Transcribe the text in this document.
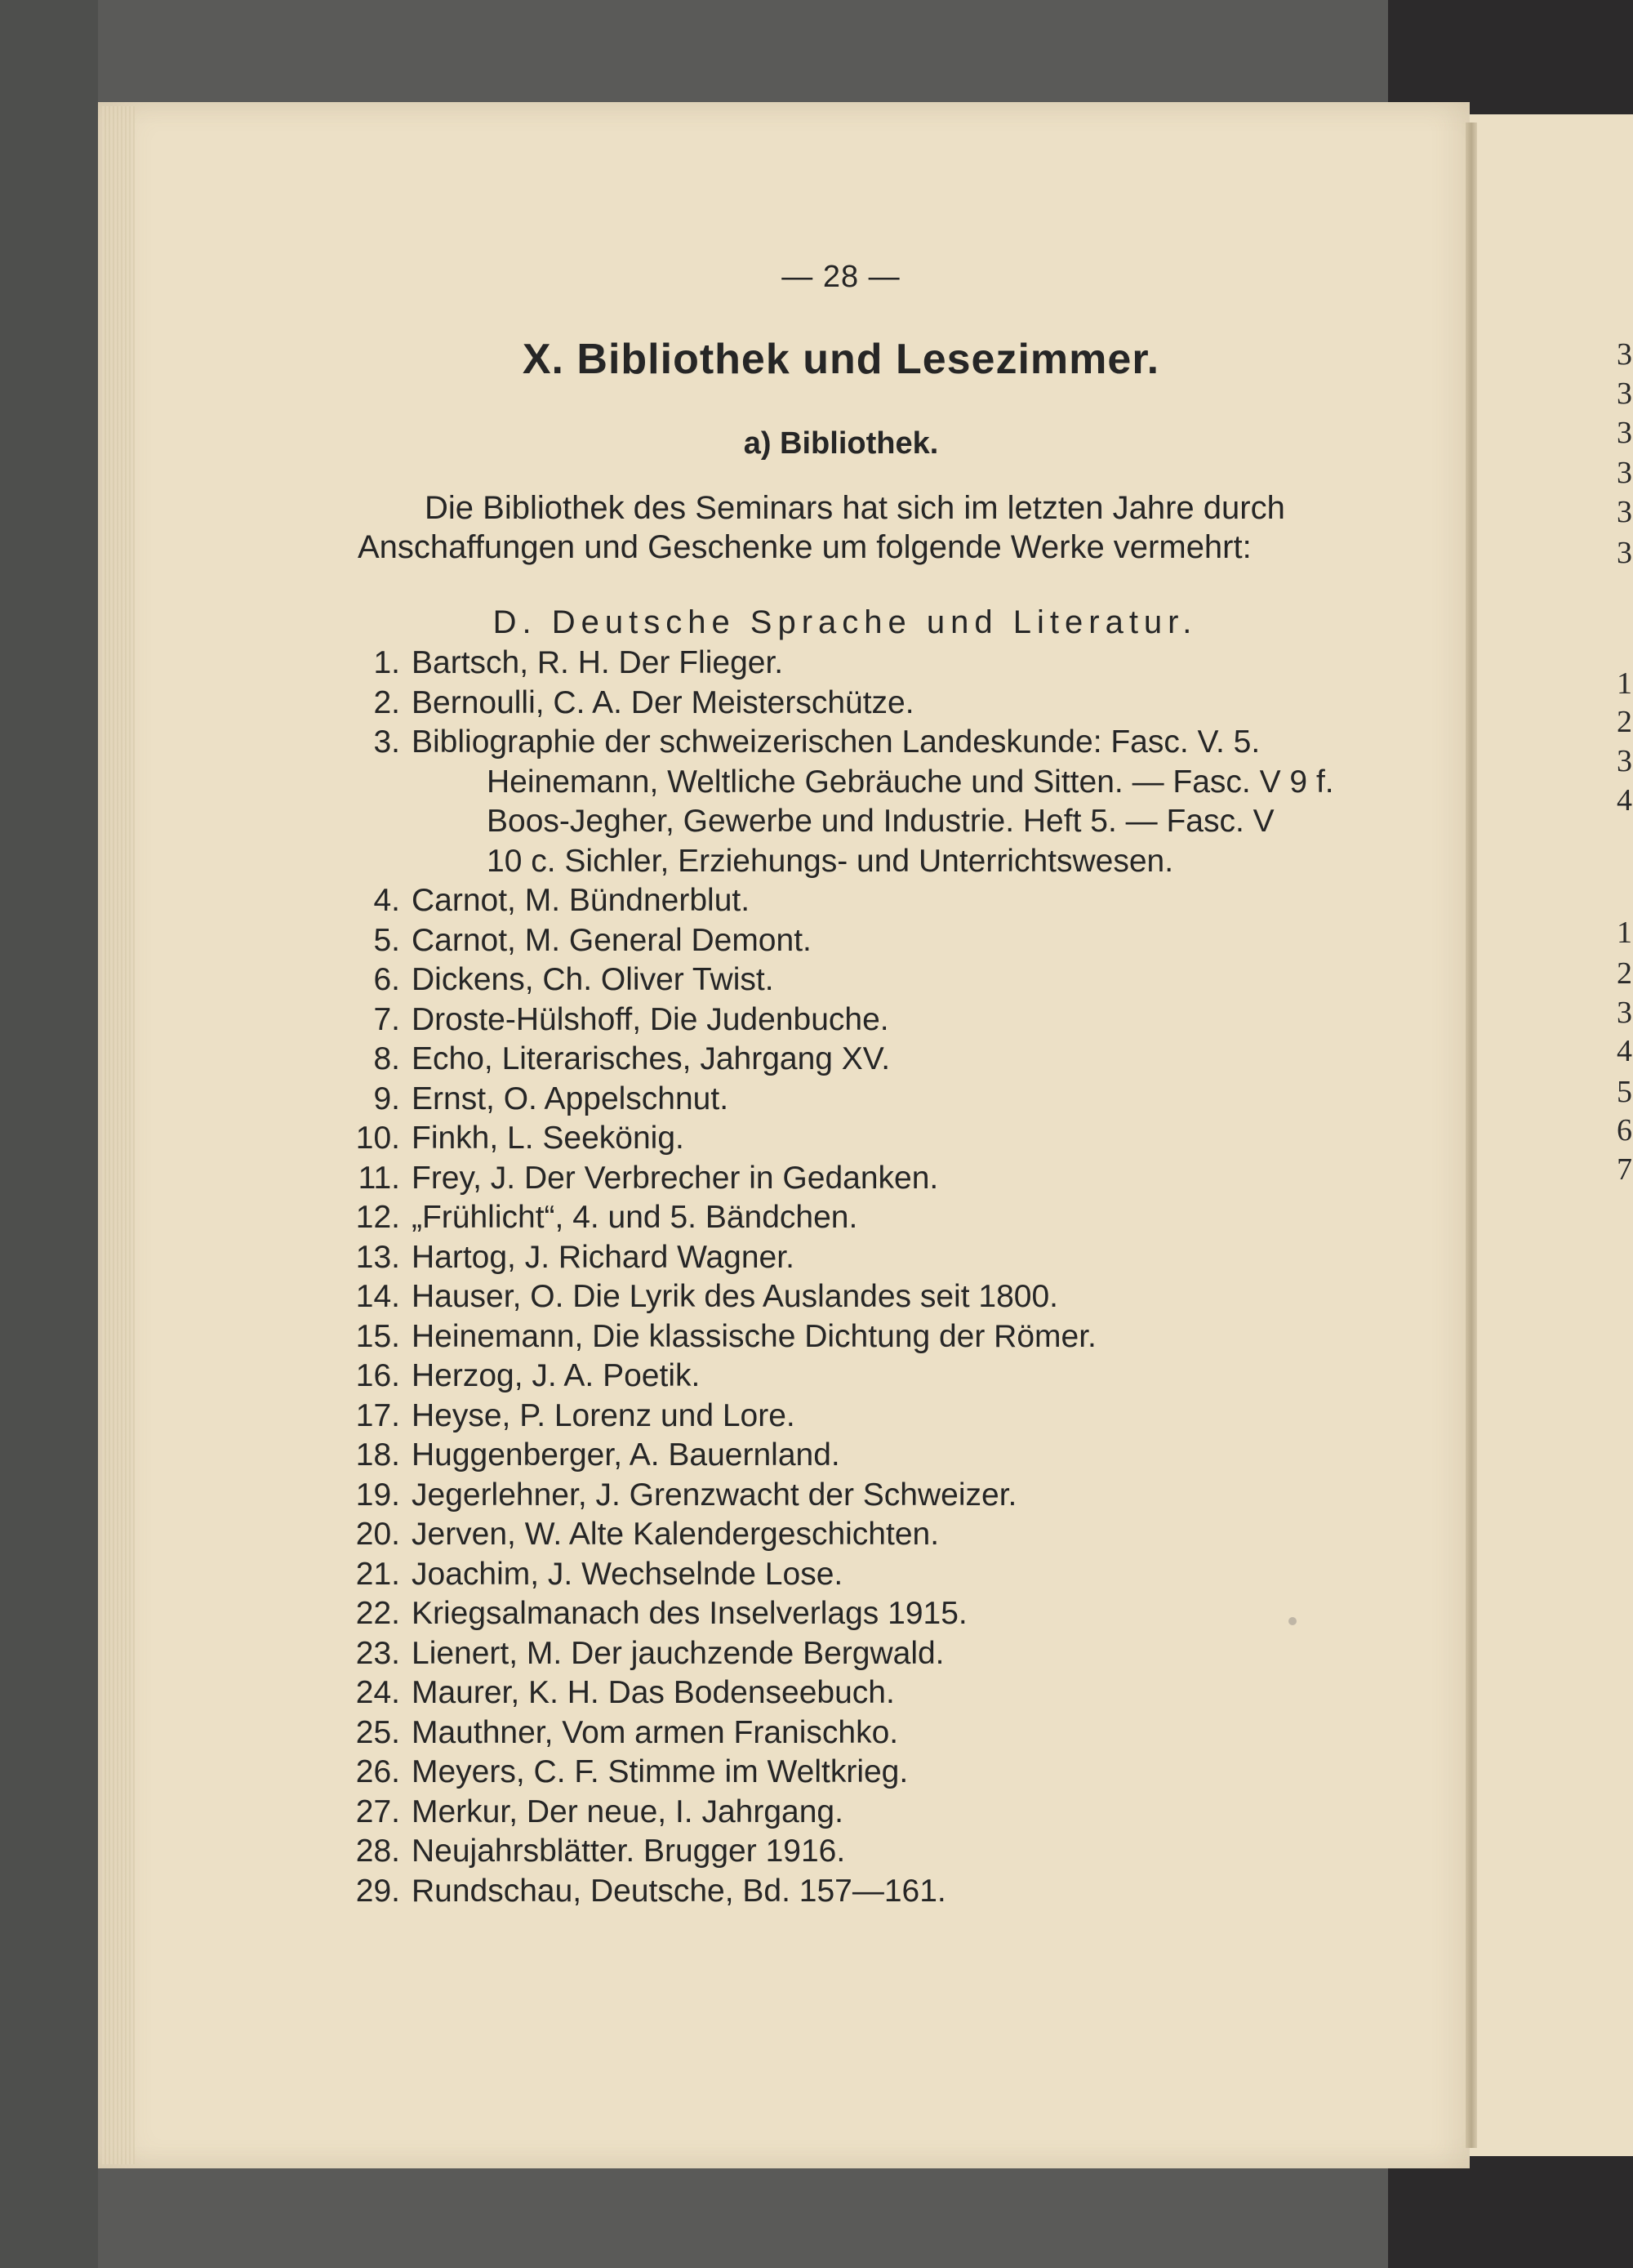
3
3
3
3
3
3
1
2
3
4
1
2
3
4
5
6
7
— 28 —
X. Bibliothek und Lesezimmer.
a) Bibliothek.
Die Bibliothek des Seminars hat sich im letzten Jahre durch
Anschaffungen und Geschenke um folgende Werke vermehrt:
D. Deutsche Sprache und Literatur.
1. Bartsch, R. H. Der Flieger.
2. Bernoulli, C. A. Der Meisterschütze.
3. Bibliographie der schweizerischen Landeskunde: Fasc. V. 5.
Heinemann, Weltliche Gebräuche und Sitten. — Fasc. V 9 f.
Boos-Jegher, Gewerbe und Industrie. Heft 5. — Fasc. V
10 c. Sichler, Erziehungs- und Unterrichtswesen.
4. Carnot, M. Bündnerblut.
5. Carnot, M. General Demont.
6. Dickens, Ch. Oliver Twist.
7. Droste-Hülshoff, Die Judenbuche.
8. Echo, Literarisches, Jahrgang XV.
9. Ernst, O. Appelschnut.
10. Finkh, L. Seekönig.
11. Frey, J. Der Verbrecher in Gedanken.
12. „Frühlicht“, 4. und 5. Bändchen.
13. Hartog, J. Richard Wagner.
14. Hauser, O. Die Lyrik des Auslandes seit 1800.
15. Heinemann, Die klassische Dichtung der Römer.
16. Herzog, J. A. Poetik.
17. Heyse, P. Lorenz und Lore.
18. Huggenberger, A. Bauernland.
19. Jegerlehner, J. Grenzwacht der Schweizer.
20. Jerven, W. Alte Kalendergeschichten.
21. Joachim, J. Wechselnde Lose.
22. Kriegsalmanach des Inselverlags 1915.
23. Lienert, M. Der jauchzende Bergwald.
24. Maurer, K. H. Das Bodenseebuch.
25. Mauthner, Vom armen Franischko.
26. Meyers, C. F. Stimme im Weltkrieg.
27. Merkur, Der neue, I. Jahrgang.
28. Neujahrsblätter. Brugger 1916.
29. Rundschau, Deutsche, Bd. 157—161.
